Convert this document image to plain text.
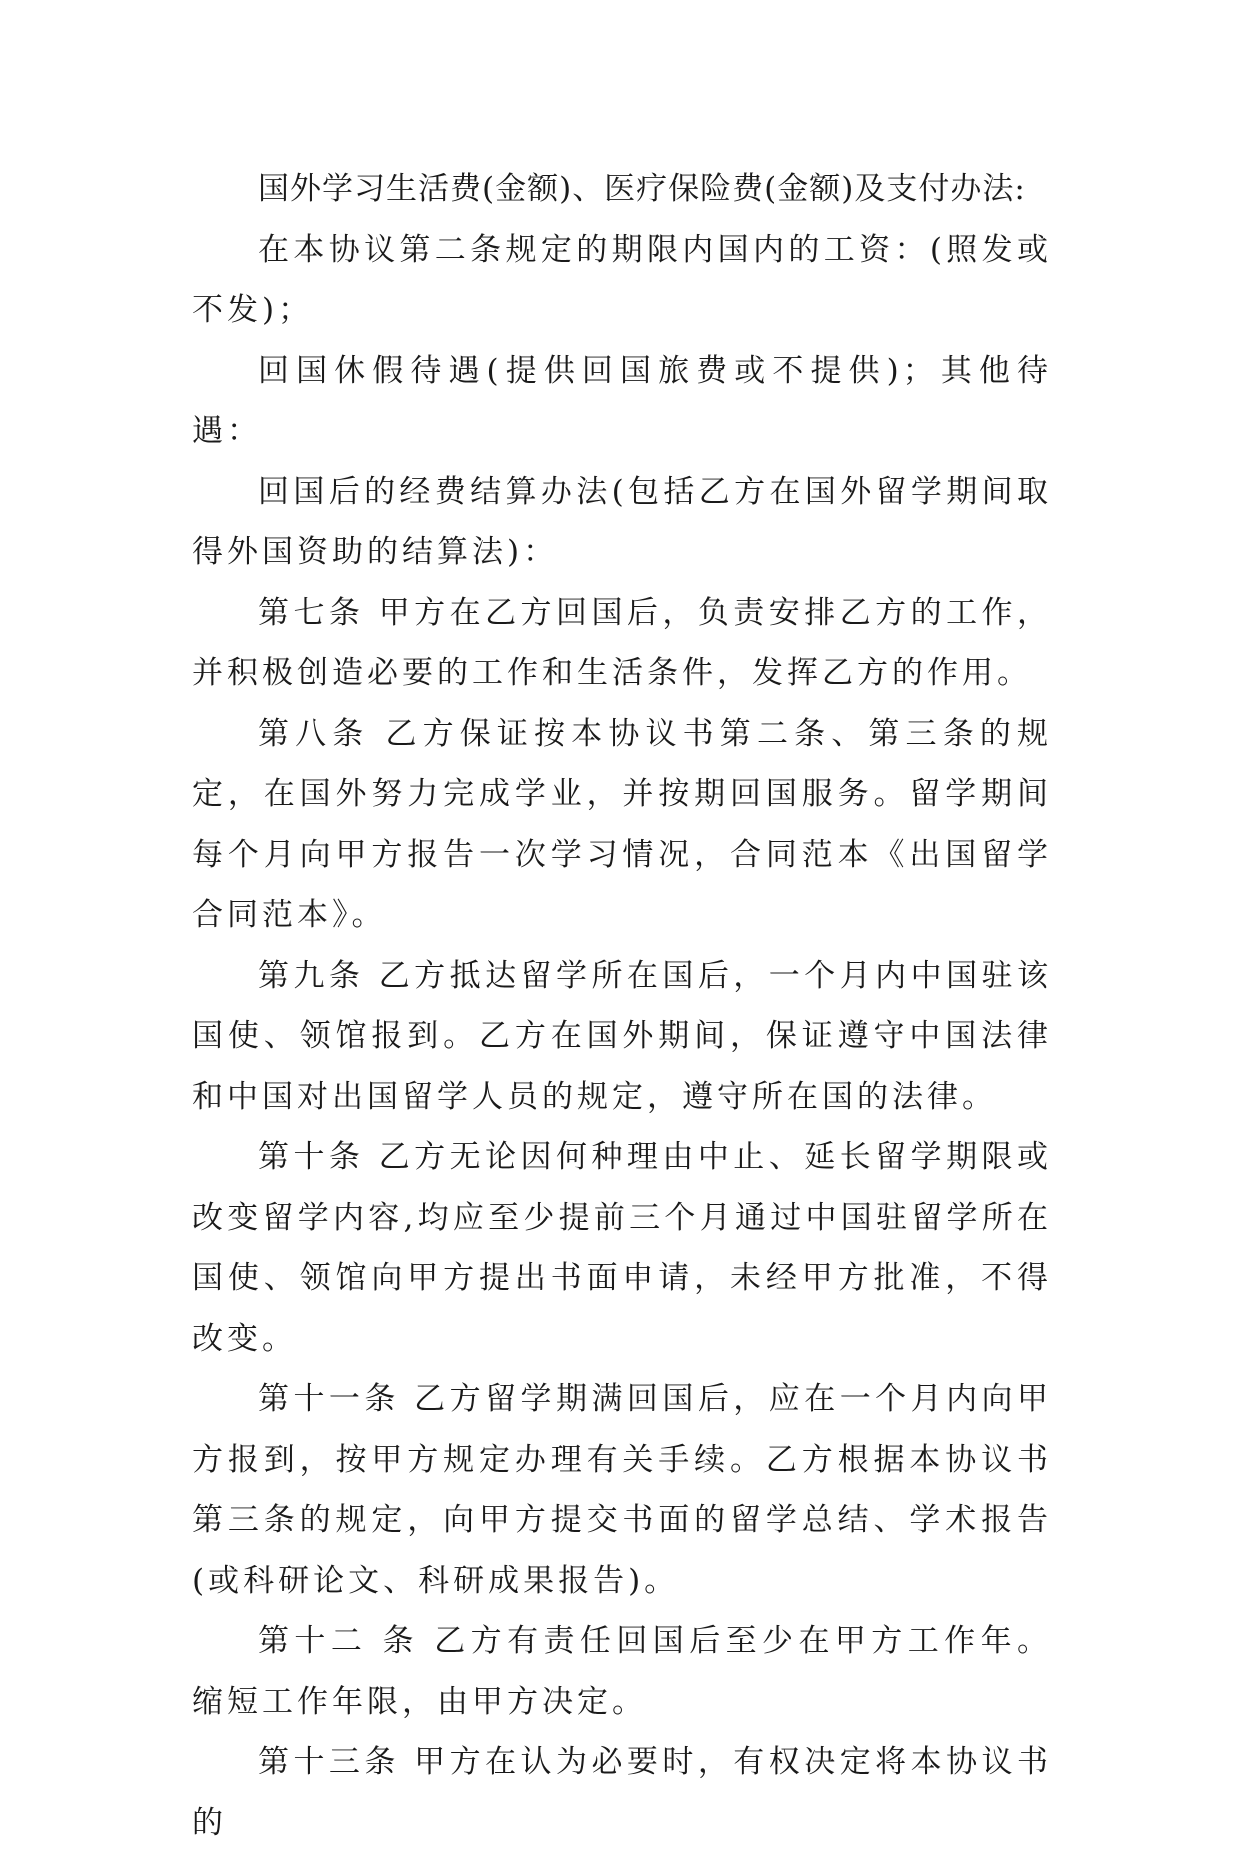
国外学习生活费(金额)、医疗保险费(金额)及支付办法:

在本协议第二条规定的期限内国内的工资：(照发或不发)；

回国休假待遇(提供回国旅费或不提供)；其他待遇：

回国后的经费结算办法(包括乙方在国外留学期间取得外国资助的结算法)：

第七条 甲方在乙方回国后，负责安排乙方的工作，并积极创造必要的工作和生活条件，发挥乙方的作用。

第八条 乙方保证按本协议书第二条、第三条的规定，在国外努力完成学业，并按期回国服务。留学期间每个月向甲方报告一次学习情况，合同范本《出国留学合同范本》。

第九条 乙方抵达留学所在国后，一个月内中国驻该国使、领馆报到。乙方在国外期间，保证遵守中国法律和中国对出国留学人员的规定，遵守所在国的法律。

第十条 乙方无论因何种理由中止、延长留学期限或改变留学内容,均应至少提前三个月通过中国驻留学所在国使、领馆向甲方提出书面申请，未经甲方批准，不得改变。

第十一条 乙方留学期满回国后，应在一个月内向甲方报到，按甲方规定办理有关手续。乙方根据本协议书第三条的规定，向甲方提交书面的留学总结、学术报告(或科研论文、科研成果报告)。

第十二 条 乙方有责任回国后至少在甲方工作年。缩短工作年限，由甲方决定。

第十三条 甲方在认为必要时，有权决定将本协议书的
